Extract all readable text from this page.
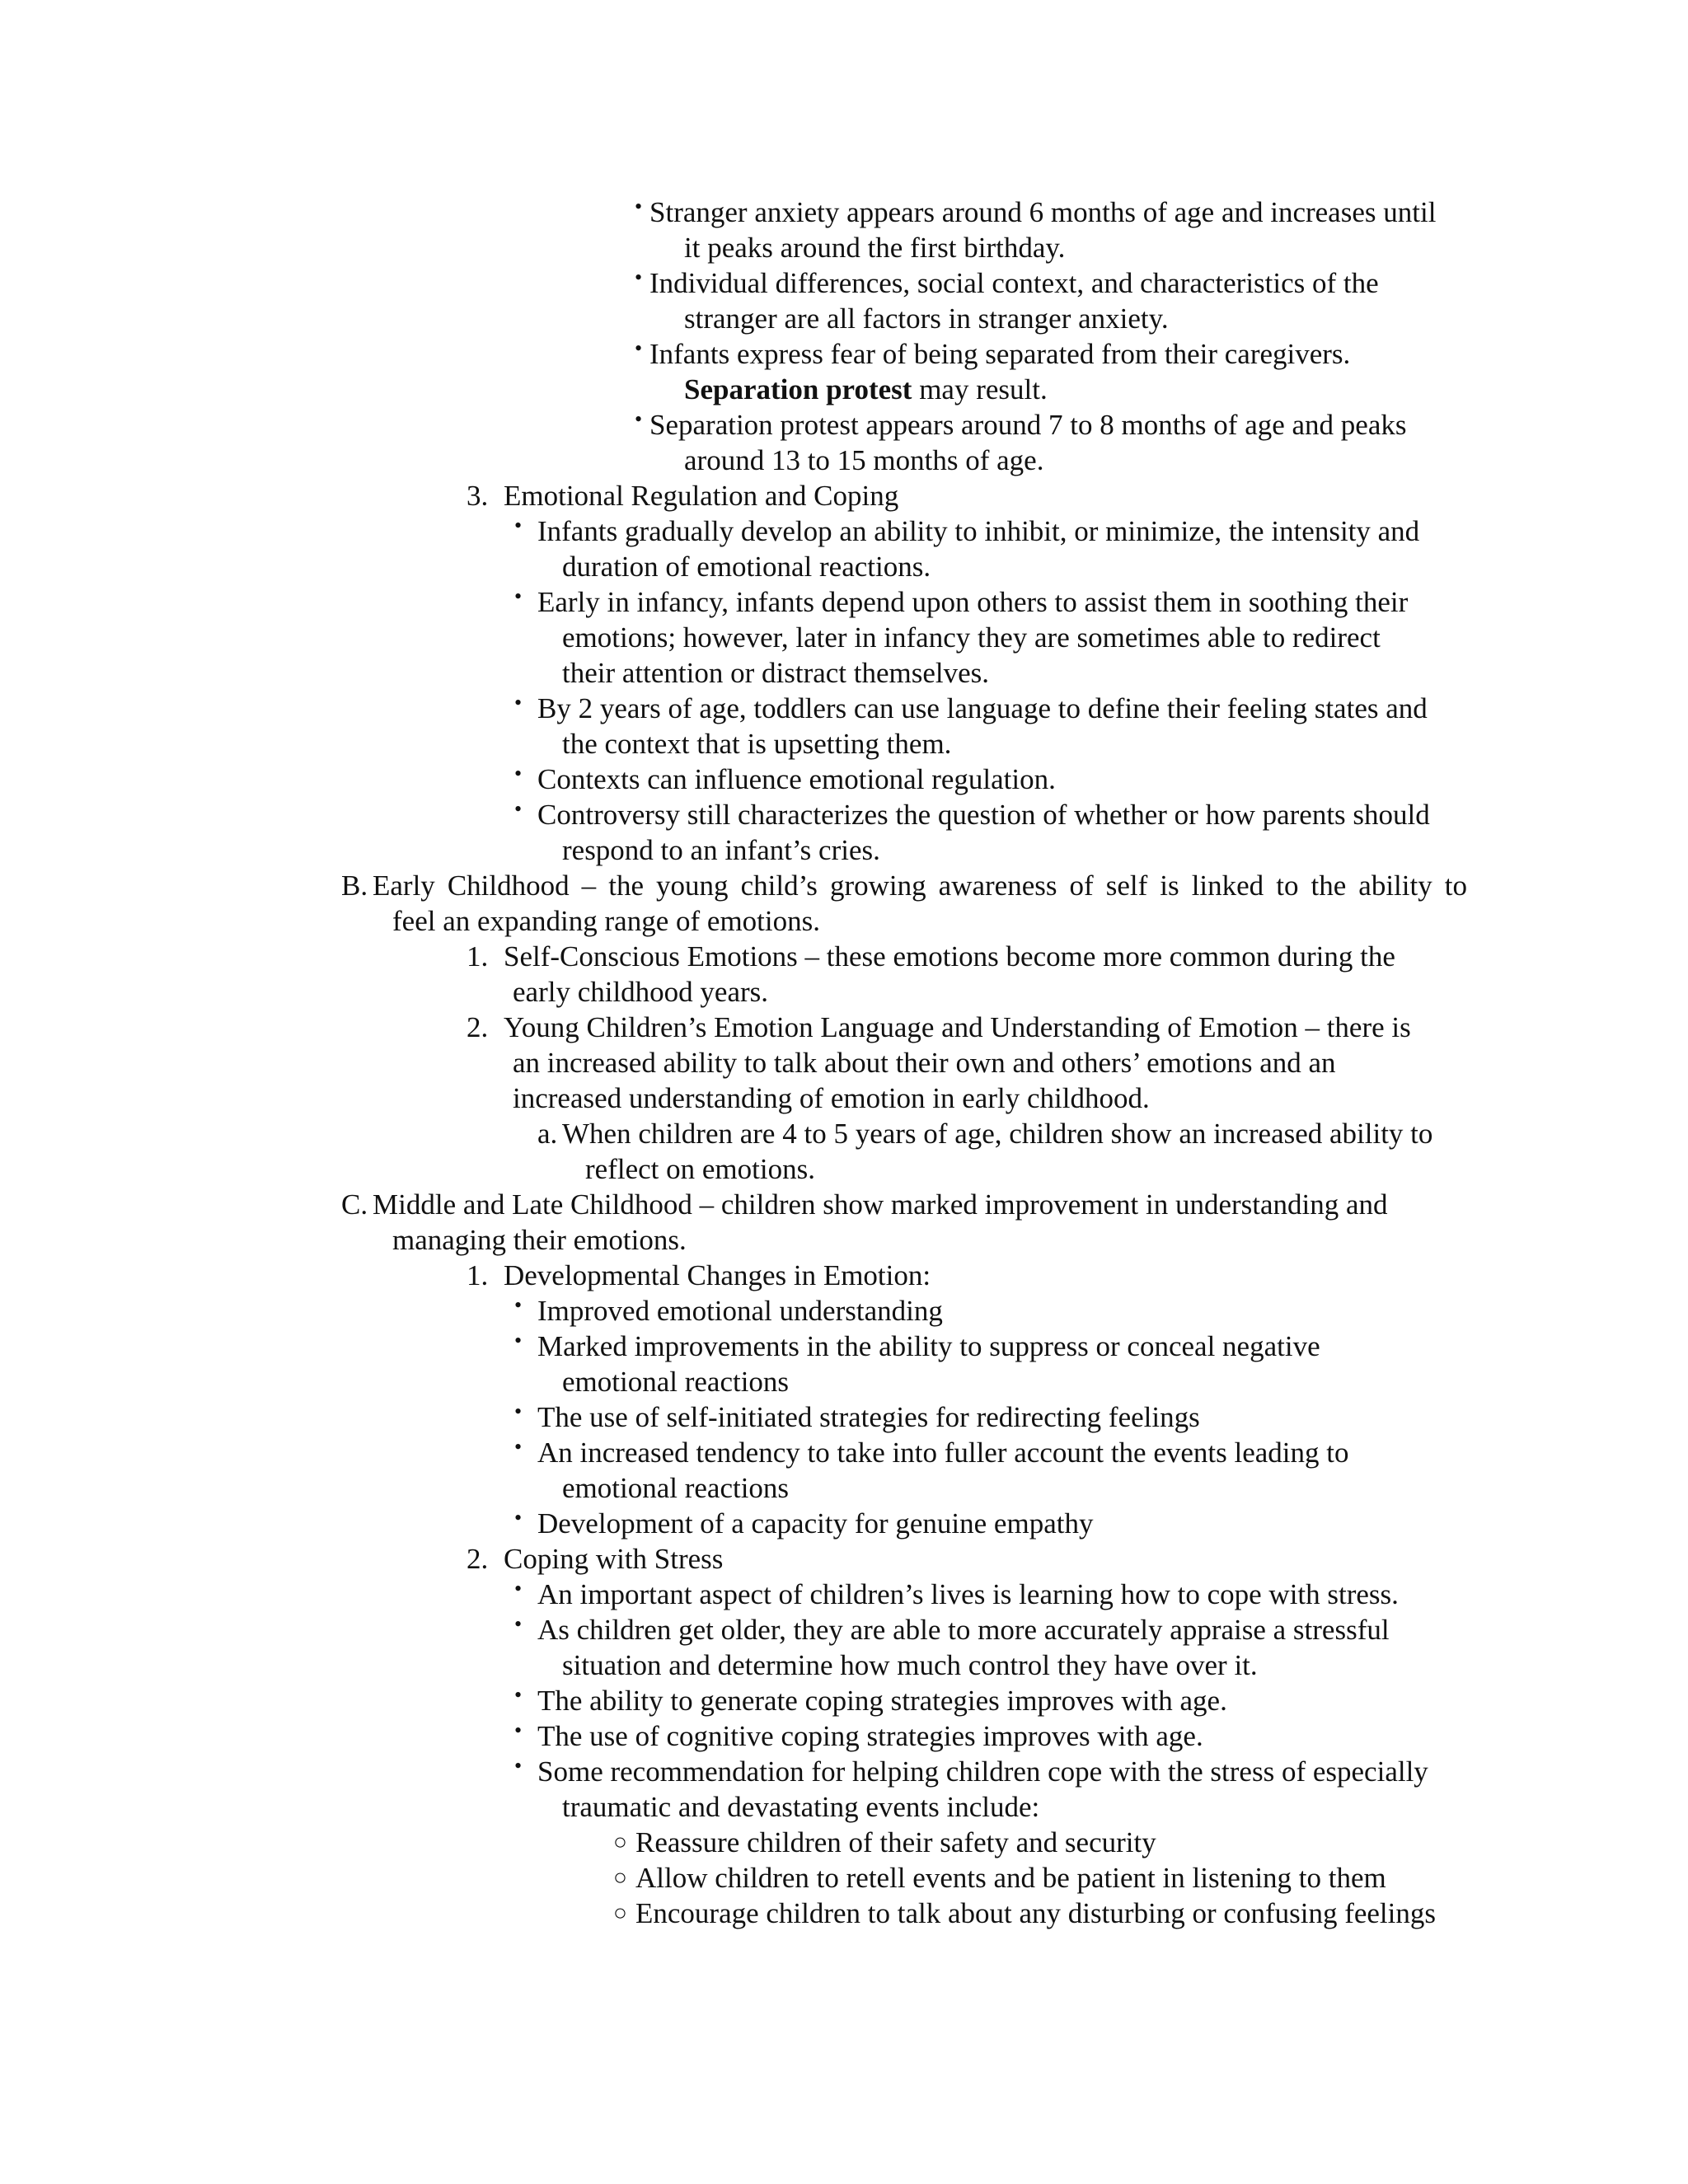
• Stranger anxiety appears around 6 months of age and increases until
it peaks around the first birthday.
• Individual differences, social context, and characteristics of the
stranger are all factors in stranger anxiety.
• Infants express fear of being separated from their caregivers.
Separation protest may result.
• Separation protest appears around 7 to 8 months of age and peaks
around 13 to 15 months of age.
3. Emotional Regulation and Coping
• Infants gradually develop an ability to inhibit, or minimize, the intensity and
duration of emotional reactions.
• Early in infancy, infants depend upon others to assist them in soothing their
emotions; however, later in infancy they are sometimes able to redirect
their attention or distract themselves.
• By 2 years of age, toddlers can use language to define their feeling states and
the context that is upsetting them.
• Contexts can influence emotional regulation.
• Controversy still characterizes the question of whether or how parents should
respond to an infant’s cries.
B. Early Childhood – the young child’s growing awareness of self is linked to the ability to
feel an expanding range of emotions.
1. Self-Conscious Emotions – these emotions become more common during the
early childhood years.
2. Young Children’s Emotion Language and Understanding of Emotion – there is
an increased ability to talk about their own and others’ emotions and an
increased understanding of emotion in early childhood.
a. When children are 4 to 5 years of age, children show an increased ability to
reflect on emotions.
C. Middle and Late Childhood – children show marked improvement in understanding and
managing their emotions.
1. Developmental Changes in Emotion:
• Improved emotional understanding
• Marked improvements in the ability to suppress or conceal negative
emotional reactions
• The use of self-initiated strategies for redirecting feelings
• An increased tendency to take into fuller account the events leading to
emotional reactions
• Development of a capacity for genuine empathy
2. Coping with Stress
• An important aspect of children’s lives is learning how to cope with stress.
• As children get older, they are able to more accurately appraise a stressful
situation and determine how much control they have over it.
• The ability to generate coping strategies improves with age.
• The use of cognitive coping strategies improves with age.
• Some recommendation for helping children cope with the stress of especially
traumatic and devastating events include:
○ Reassure children of their safety and security
○ Allow children to retell events and be patient in listening to them
○ Encourage children to talk about any disturbing or confusing feelings
